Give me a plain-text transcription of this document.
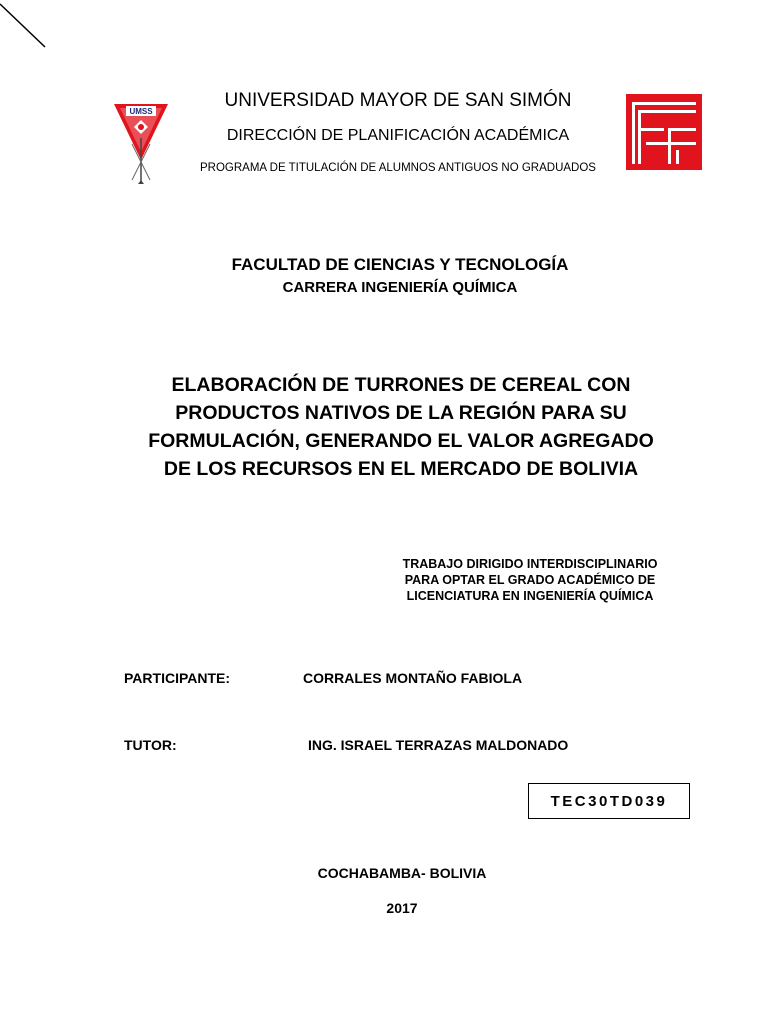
UMSS
UNIVERSIDAD MAYOR DE SAN SIMÓN
DIRECCIÓN DE PLANIFICACIÓN ACADÉMICA
PROGRAMA DE TITULACIÓN DE ALUMNOS ANTIGUOS NO GRADUADOS
FACULTAD DE CIENCIAS Y TECNOLOGÍA
CARRERA INGENIERÍA QUÍMICA
ELABORACIÓN DE TURRONES DE CEREAL CON
PRODUCTOS NATIVOS DE LA REGIÓN PARA SU
FORMULACIÓN, GENERANDO EL VALOR AGREGADO
DE LOS RECURSOS EN EL MERCADO DE BOLIVIA
TRABAJO DIRIGIDO INTERDISCIPLINARIO
PARA OPTAR EL GRADO ACADÉMICO DE
LICENCIATURA EN INGENIERÍA QUÍMICA
PARTICIPANTE:	CORRALES MONTAÑO FABIOLA
TUTOR:	ING. ISRAEL TERRAZAS MALDONADO
TEC30TD039
COCHABAMBA- BOLIVIA
2017
